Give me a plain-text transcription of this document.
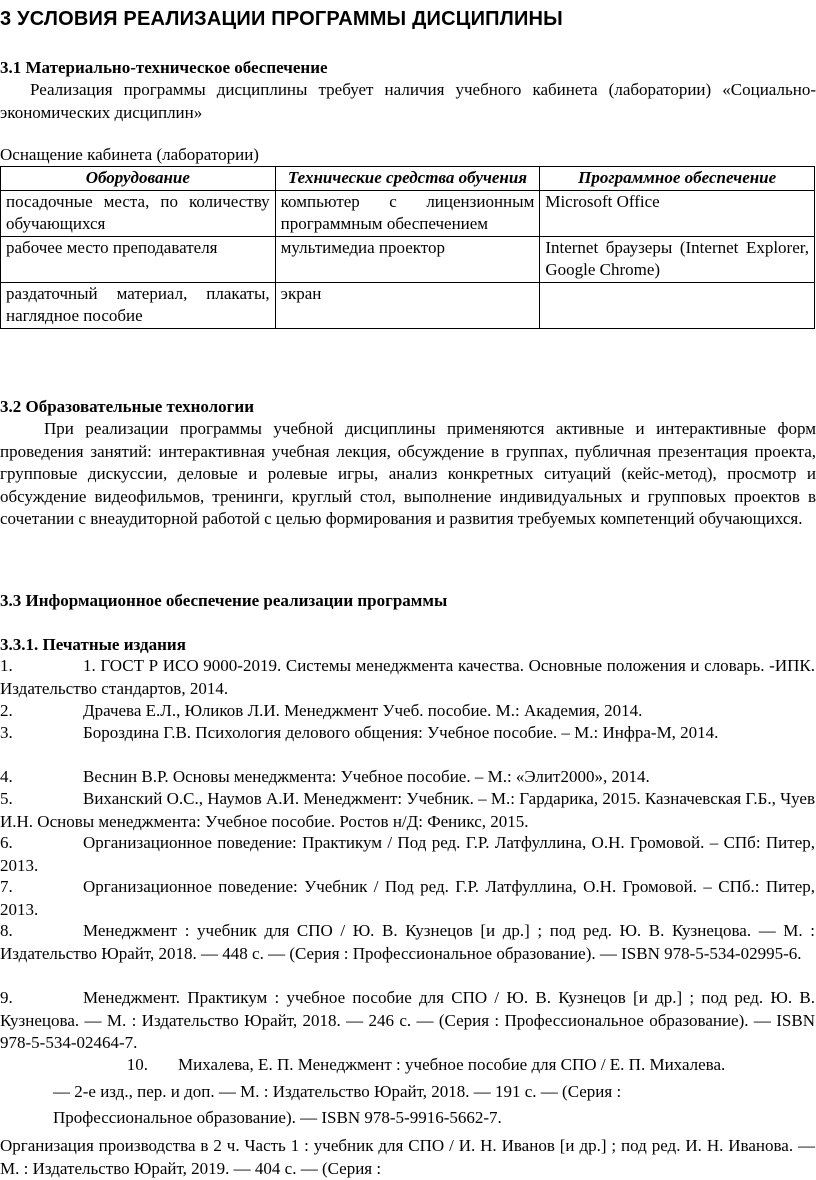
3 УСЛОВИЯ РЕАЛИЗАЦИИ ПРОГРАММЫ ДИСЦИПЛИНЫ
3.1 Материально-техническое обеспечение

Реализация программы дисциплины требует наличия учебного кабинета (лаборатории) «Социально-экономических дисциплин»

Оснащение кабинета (лаборатории)
Оборудование	Технические средства обучения	Программное обеспечение
посадочные места, по количеству обучающихся	компьютер с лицензионным программным обеспечением	Microsoft Office
рабочее место преподавателя	мультимедиа проектор	Internet браузеры (Internet Explorer, Google Chrome)
раздаточный материал, плакаты, наглядное пособие	экран	
3.2 Образовательные технологии

При реализации программы учебной дисциплины применяются активные и интерактивные форм проведения занятий: интерактивная учебная лекция, обсуждение в группах, публичная презентация проекта, групповые дискуссии, деловые и ролевые игры, анализ конкретных ситуаций (кейс-метод), просмотр и обсуждение видеофильмов, тренинги, круглый стол, выполнение индивидуальных и групповых проектов в сочетании с внеаудиторной работой с целью формирования и развития требуемых компетенций обучающихся.

3.3 Информационное обеспечение реализации программы
3.3.1. Печатные издания

1.	1. ГОСТ Р ИСО 9000-2019. Системы менеджмента качества. Основные положения и словарь. -ИПК. Издательство стандартов, 2014.

2.	Драчева Е.Л., Юликов Л.И. Менеджмент Учеб. пособие. М.: Академия, 2014.

3.	Бороздина Г.В. Психология делового общения: Учебное пособие. – М.: Инфра-М, 2014.

4.	Веснин В.Р. Основы менеджмента: Учебное пособие. – М.: «Элит2000», 2014.

5.	Виханский О.С., Наумов А.И. Менеджмент: Учебник. – М.: Гардарика, 2015. Казначевская Г.Б., Чуев И.Н. Основы менеджмента: Учебное пособие. Ростов н/Д: Феникс, 2015.

6.	Организационное поведение: Практикум / Под ред. Г.Р. Латфуллина, О.Н. Громовой. – СПб: Питер, 2013.

7.	Организационное поведение: Учебник / Под ред. Г.Р. Латфуллина, О.Н. Громовой. – СПб.: Питер, 2013.

8.	Менеджмент : учебник для СПО / Ю. В. Кузнецов [и др.] ; под ред. Ю. В. Кузнецова. — М. : Издательство Юрайт, 2018. — 448 с. — (Серия : Профессиональное образование). — ISBN 978-5-534-02995-6.

9.	Менеджмент. Практикум : учебное пособие для СПО / Ю. В. Кузнецов [и др.] ; под ред. Ю. В. Кузнецова. — М. : Издательство Юрайт, 2018. — 246 с. — (Серия : Профессиональное образование). — ISBN 978-5-534-02464-7.

10. Михалева, Е. П. Менеджмент : учебное пособие для СПО / Е. П. Михалева.
— 2-е изд., пер. и доп. — М. : Издательство Юрайт, 2018. — 191 с. — (Серия :
Профессиональное образование). — ISBN 978-5-9916-5662-7.

Организация производства в 2 ч. Часть 1 : учебник для СПО / И. Н. Иванов [и др.] ; под ред. И. Н. Иванова. — М. : Издательство Юрайт, 2019. — 404 с. — (Серия :
